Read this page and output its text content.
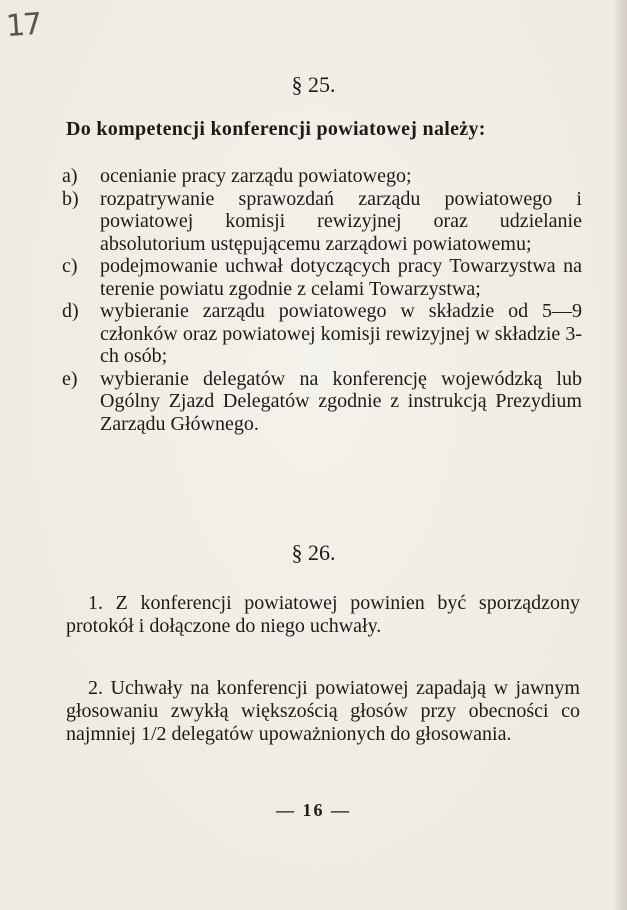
17
§ 25.
Do kompetencji konferencji powiatowej należy:
a) ocenianie pracy zarządu powiatowego;
b) rozpatrywanie sprawozdań zarządu powiatowego i powiatowej komisji rewizyjnej oraz udzielanie absolutorium ustępującemu zarządowi powiatowemu;
c) podejmowanie uchwał dotyczących pracy Towarzystwa na terenie powiatu zgodnie z celami Towarzystwa;
d) wybieranie zarządu powiatowego w składzie od 5—9 członków oraz powiatowej komisji rewizyjnej w składzie 3-ch osób;
e) wybieranie delegatów na konferencję wojewódzką lub Ogólny Zjazd Delegatów zgodnie z instrukcją Prezydium Zarządu Głównego.
§ 26.

1. Z konferencji powiatowej powinien być sporządzony protokół i dołączone do niego uchwały.

2. Uchwały na konferencji powiatowej zapadają w jawnym głosowaniu zwykłą większością głosów przy obecności co najmniej 1/2 delegatów upoważnionych do głosowania.

— 16 —
